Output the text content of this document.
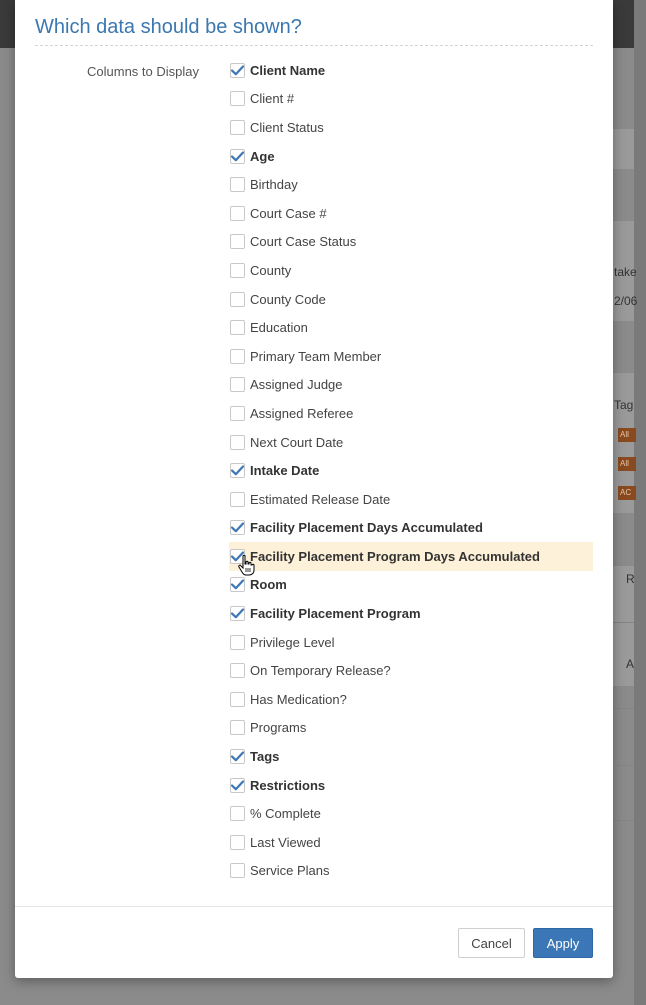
take
2/06
Tag
All
All
AC
R
A
Which data should be shown?
Columns to Display	Client Name
Client #
Client Status
Age
Birthday
Court Case #
Court Case Status
County
County Code
Education
Primary Team Member
Assigned Judge
Assigned Referee
Next Court Date
Intake Date
Estimated Release Date
Facility Placement Days Accumulated
Facility Placement Program Days Accumulated
Room
Facility Placement Program
Privilege Level
On Temporary Release?
Has Medication?
Programs
Tags
Restrictions
% Complete
Last Viewed
Service Plans
Cancel	Apply
